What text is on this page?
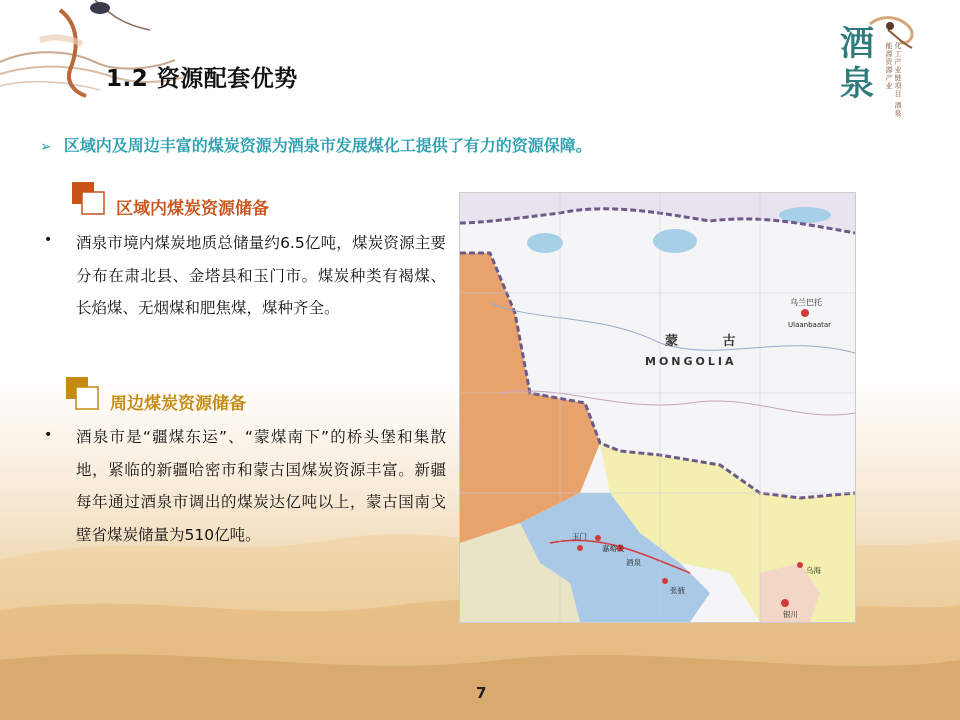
酒
泉	化工产业链项目 酒泉能源资源产业
1.2 资源配套优势
➢ 区域内及周边丰富的煤炭资源为酒泉市发展煤化工提供了有力的资源保障。
区域内煤炭资源储备
• 酒泉市境内煤炭地质总储量约6.5亿吨，煤炭资源主要分布在肃北县、金塔县和玉门市。煤炭种类有褐煤、长焰煤、无烟煤和肥焦煤，煤种齐全。
周边煤炭资源储备
• 酒泉市是“疆煤东运”、“蒙煤南下”的桥头堡和集散地，紧临的新疆哈密市和蒙古国煤炭资源丰富。新疆每年通过酒泉市调出的煤炭达亿吨以上，蒙古国南戈壁省煤炭储量为510亿吨。
蒙 古
MONGOLIA
乌兰巴托
Ulaanbaatar
嘉峪关
玉门
酒泉
张掖
银川
乌海
7
